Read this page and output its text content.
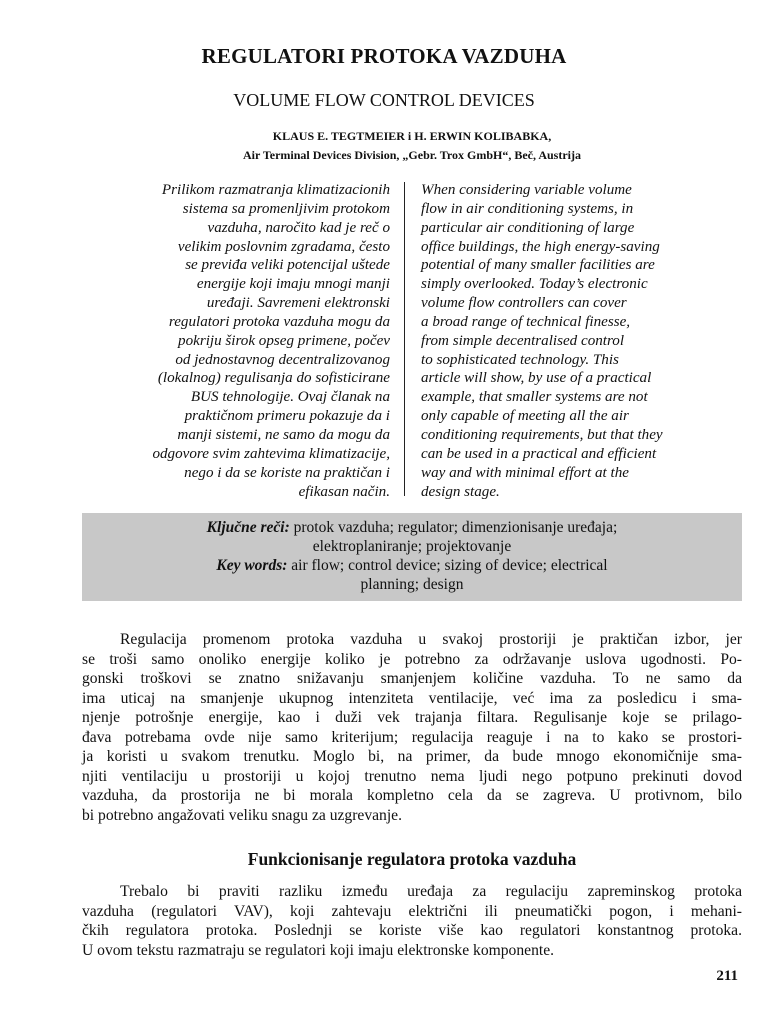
REGULATORI PROTOKA VAZDUHA
VOLUME FLOW CONTROL DEVICES
KLAUS E. TEGTMEIER i H. ERWIN KOLIBABKA,
Air Terminal Devices Division, „Gebr. Trox GmbH“, Beč, Austrija
Prilikom razmatranja klimatizacionih
sistema sa promenljivim protokom
vazduha, naročito kad je reč o
velikim poslovnim zgradama, često
se previđa veliki potencijal uštede
energije koji imaju mnogi manji
uređaji. Savremeni elektronski
regulatori protoka vazduha mogu da
pokriju širok opseg primene, počev
od jednostavnog decentralizovanog
(lokalnog) regulisanja do sofisticirane
BUS tehnologije. Ovaj članak na
praktičnom primeru pokazuje da i
manji sistemi, ne samo da mogu da
odgovore svim zahtevima klimatizacije,
nego i da se koriste na praktičan i
efikasan način.
When considering variable volume
flow in air conditioning systems, in
particular air conditioning of large
office buildings, the high energy-saving
potential of many smaller facilities are
simply overlooked. Today’s electronic
volume flow controllers can cover
a broad range of technical finesse,
from simple decentralised control
to sophisticated technology. This
article will show, by use of a practical
example, that smaller systems are not
only capable of meeting all the air
conditioning requirements, but that they
can be used in a practical and efficient
way and with minimal effort at the
design stage.
Ključne reči: protok vazduha; regulator; dimenzionisanje uređaja;
elektroplaniranje; projektovanje
Key words: air flow; control device; sizing of device; electrical
planning; design
Regulacija promenom protoka vazduha u svakoj prostoriji je praktičan izbor, jer
se troši samo onoliko energije koliko je potrebno za održavanje uslova ugodnosti. Po-
gonski troškovi se znatno snižavanju smanjenjem količine vazduha. To ne samo da
ima uticaj na smanjenje ukupnog intenziteta ventilacije, već ima za posledicu i sma-
njenje potrošnje energije, kao i duži vek trajanja filtara. Regulisanje koje se prilago-
đava potrebama ovde nije samo kriterijum; regulacija reaguje i na to kako se prostori-
ja koristi u svakom trenutku. Moglo bi, na primer, da bude mnogo ekonomičnije sma-
njiti ventilaciju u prostoriji u kojoj trenutno nema ljudi nego potpuno prekinuti dovod
vazduha, da prostorija ne bi morala kompletno cela da se zagreva. U protivnom, bilo
bi potrebno angažovati veliku snagu za uzgrevanje.
Funkcionisanje regulatora protoka vazduha
Trebalo bi praviti razliku između uređaja za regulaciju zapreminskog protoka
vazduha (regulatori VAV), koji zahtevaju električni ili pneumatički pogon, i mehani-
čkih regulatora protoka. Poslednji se koriste više kao regulatori konstantnog protoka.
U ovom tekstu razmatraju se regulatori koji imaju elektronske komponente.
211
